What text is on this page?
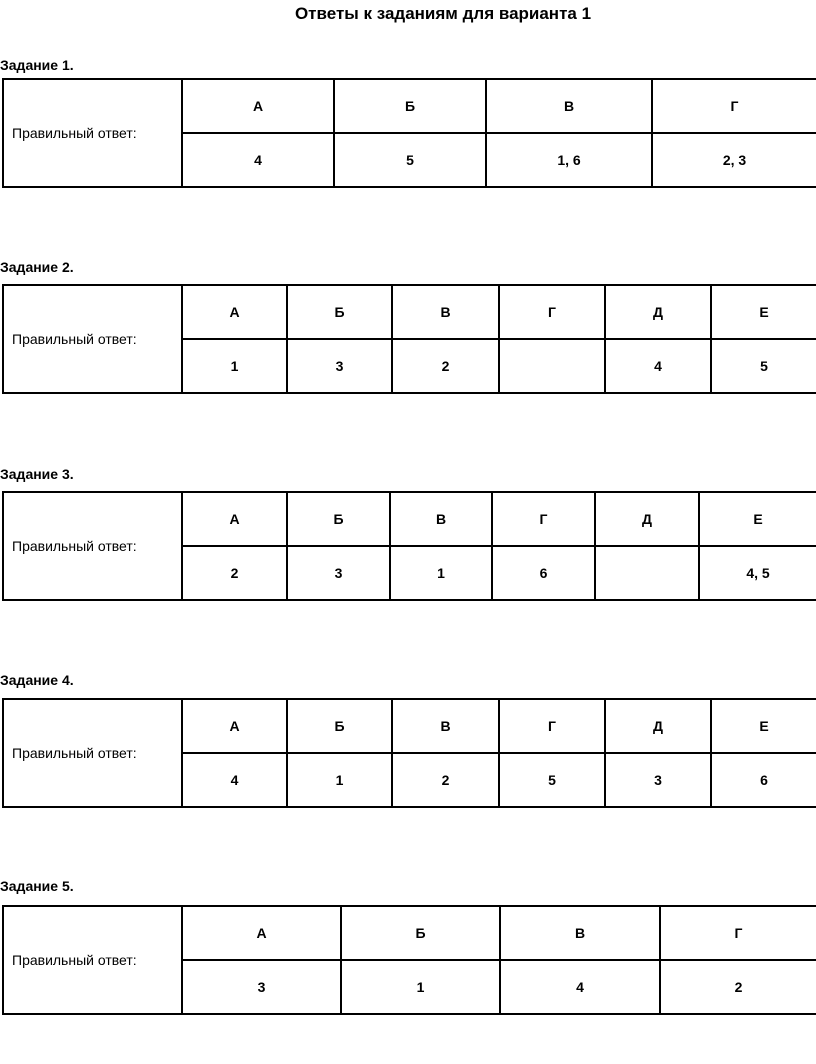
Ответы к заданиям для варианта 1
Задание 1.
Правильный ответ:	А	Б	В	Г
	4	5	1, 6	2, 3
Задание 2.
Правильный ответ:	А	Б	В	Г	Д	Е
	1	3	2		4	5
Задание 3.
Правильный ответ:	А	Б	В	Г	Д	Е
	2	3	1	6		4, 5
Задание 4.
Правильный ответ:	А	Б	В	Г	Д	Е
	4	1	2	5	3	6
Задание 5.
Правильный ответ:	А	Б	В	Г
	3	1	4	2
